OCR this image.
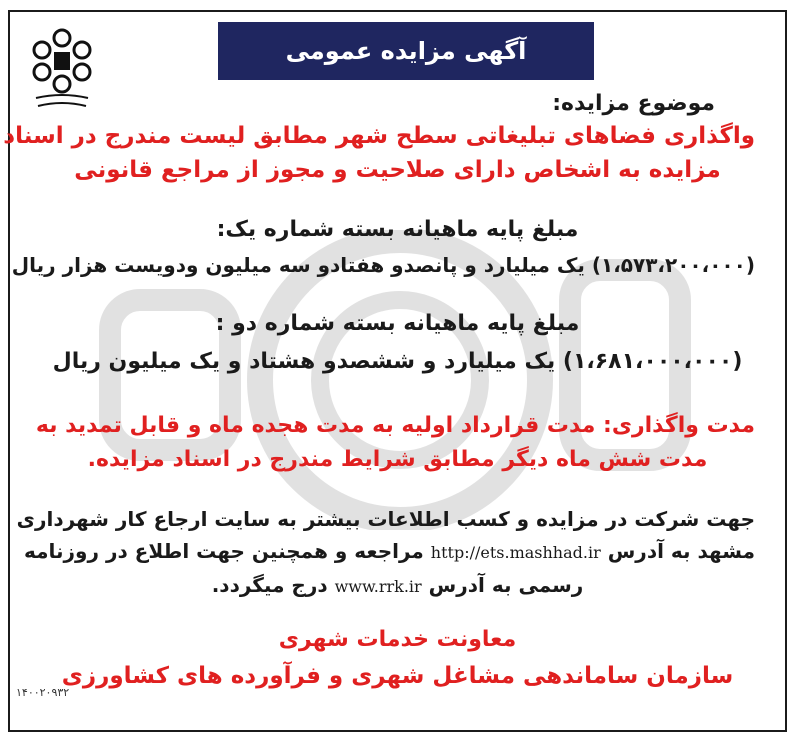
آگهی مزایده عمومی
موضوع مزایده:
واگذاری فضاهای تبلیغاتی سطح شهر مطابق لیست مندرج در اسناد
مزایده به اشخاص دارای صلاحیت و مجوز از مراجع قانونی
مبلغ پایه ماهیانه بسته شماره یک:
(۱،۵۷۳،۲۰۰،۰۰۰) یک میلیارد و پانصدو هفتادو سه میلیون ودویست هزار ریال
مبلغ پایه ماهیانه بسته شماره دو :
(۱،۶۸۱،۰۰۰،۰۰۰) یک میلیارد و ششصدو هشتاد و یک میلیون ریال
مدت واگذاری: مدت قرارداد اولیه به مدت هجده ماه و قابل تمدید به
مدت شش ماه دیگر مطابق شرایط مندرج در اسناد مزایده.
جهت شرکت در مزایده و کسب اطلاعات بیشتر به سایت ارجاع کار شهرداری
مشهد به آدرس http://ets.mashhad.ir مراجعه و همچنین جهت اطلاع در روزنامه
رسمی به آدرس www.rrk.ir درج میگردد.
معاونت خدمات شهری
سازمان ساماندهی مشاغل شهری و فرآورده های کشاورزی
۱۴۰۰۲۰۹۳۲
